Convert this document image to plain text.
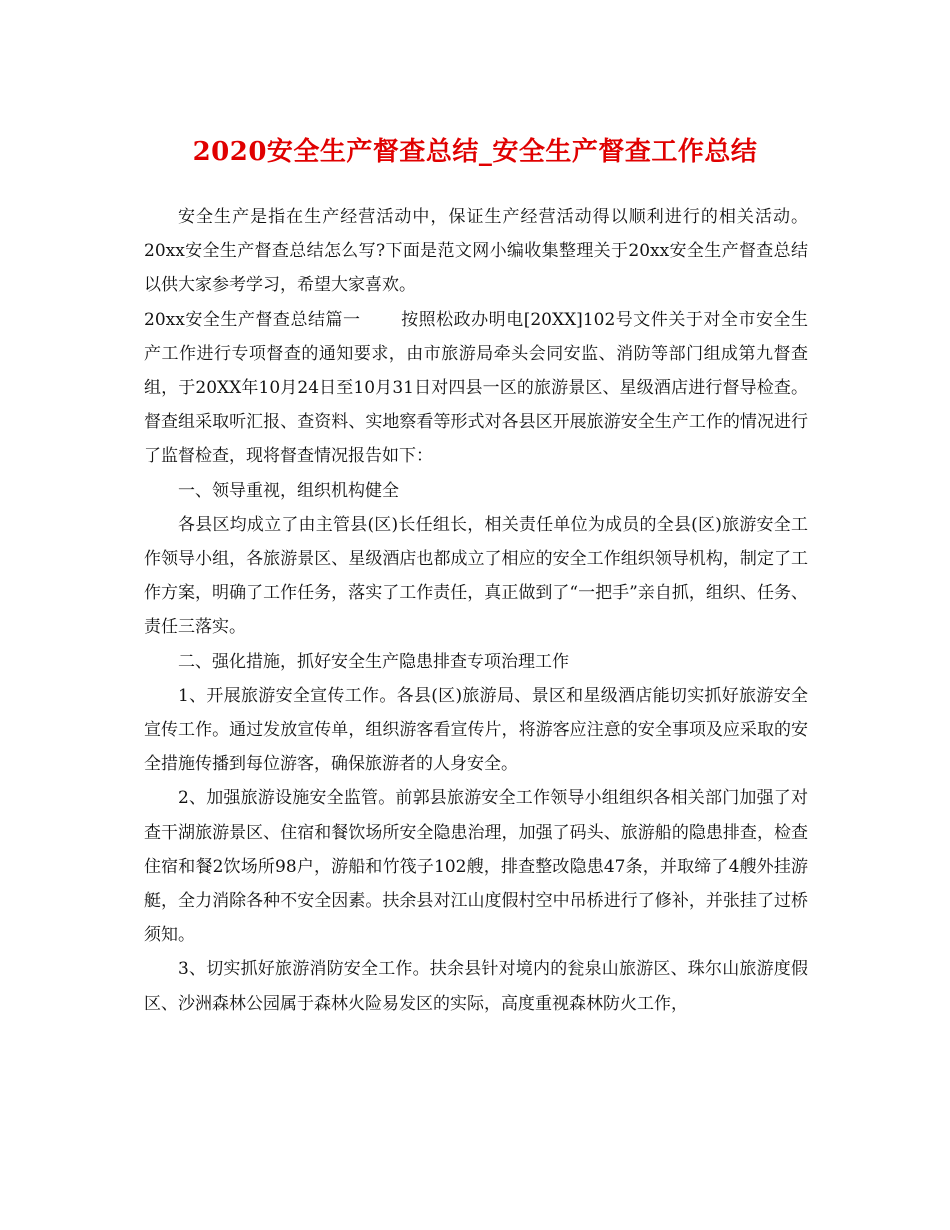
2020安全生产督查总结_安全生产督查工作总结

安全生产是指在生产经营活动中，保证生产经营活动得以顺利进行的相关活动。20xx安全生产督查总结怎么写?下面是范文网小编收集整理关于20xx安全生产督查总结以供大家参考学习，希望大家喜欢。

20xx安全生产督查总结篇一 按照松政办明电[20XX]102号文件关于对全市安全生产工作进行专项督查的通知要求，由市旅游局牵头会同安监、消防等部门组成第九督查组，于20XX年10月24日至10月31日对四县一区的旅游景区、星级酒店进行督导检查。督查组采取听汇报、查资料、实地察看等形式对各县区开展旅游安全生产工作的情况进行了监督检查，现将督查情况报告如下：

一、领导重视，组织机构健全

各县区均成立了由主管县(区)长任组长，相关责任单位为成员的全县(区)旅游安全工作领导小组，各旅游景区、星级酒店也都成立了相应的安全工作组织领导机构，制定了工作方案，明确了工作任务，落实了工作责任，真正做到了“一把手”亲自抓，组织、任务、责任三落实。

二、强化措施，抓好安全生产隐患排查专项治理工作

1、开展旅游安全宣传工作。各县(区)旅游局、景区和星级酒店能切实抓好旅游安全宣传工作。通过发放宣传单，组织游客看宣传片，将游客应注意的安全事项及应采取的安全措施传播到每位游客，确保旅游者的人身安全。

2、加强旅游设施安全监管。前郭县旅游安全工作领导小组组织各相关部门加强了对查干湖旅游景区、住宿和餐饮场所安全隐患治理，加强了码头、旅游船的隐患排查，检查住宿和餐2饮场所98户，游船和竹筏子102艘，排查整改隐患47条，并取缔了4艘外挂游艇，全力消除各种不安全因素。扶余县对江山度假村空中吊桥进行了修补，并张挂了过桥须知。

3、切实抓好旅游消防安全工作。扶余县针对境内的瓮泉山旅游区、珠尔山旅游度假区、沙洲森林公园属于森林火险易发区的实际，高度重视森林防火工作，
